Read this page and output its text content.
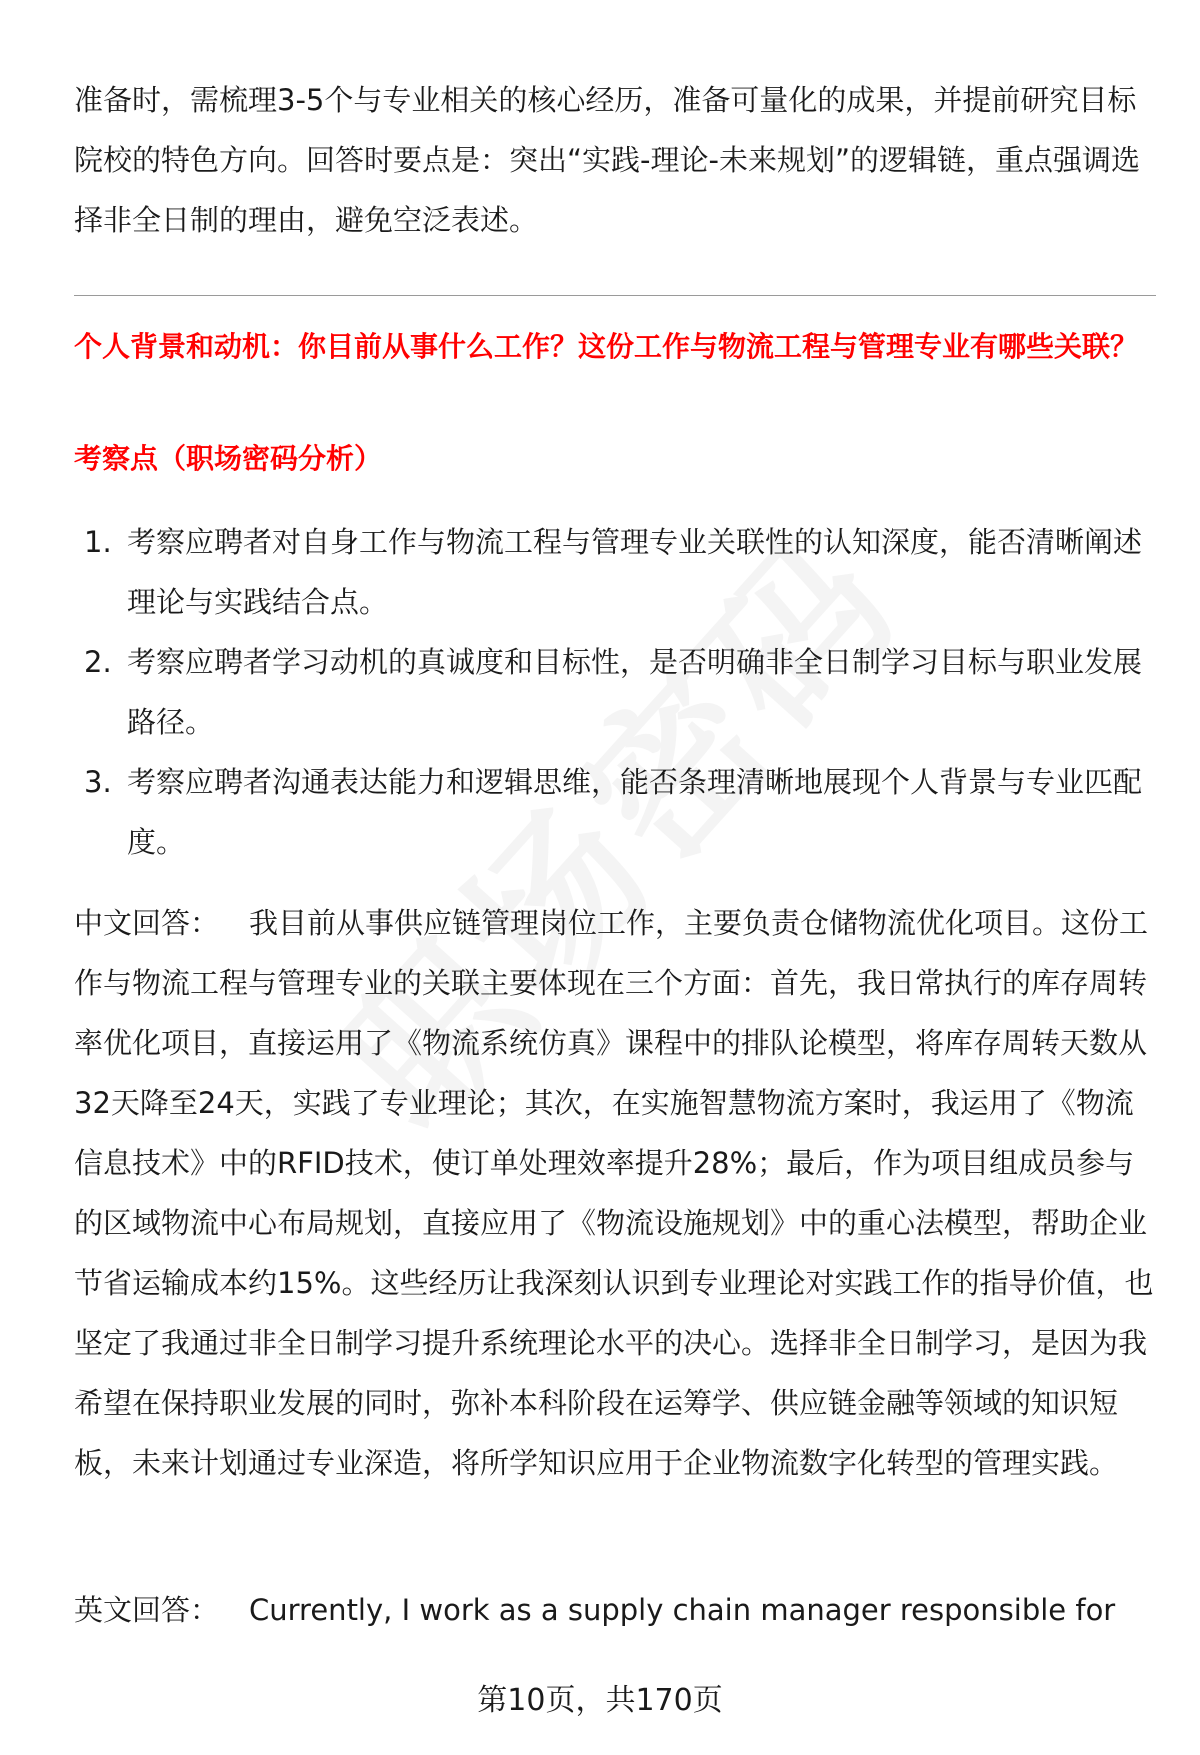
准备时，需梳理3-5个与专业相关的核心经历，准备可量化的成果，并提前研究目标院校的特色方向。回答时要点是：突出“实践-理论-未来规划”的逻辑链，重点强调选择非全日制的理由，避免空泛表述。

个人背景和动机：你目前从事什么工作？这份工作与物流工程与管理专业有哪些关联？

考察点（职场密码分析）

1. 考察应聘者对自身工作与物流工程与管理专业关联性的认知深度，能否清晰阐述理论与实践结合点。
2. 考察应聘者学习动机的真诚度和目标性，是否明确非全日制学习目标与职业发展路径。
3. 考察应聘者沟通表达能力和逻辑思维，能否条理清晰地展现个人背景与专业匹配度。

中文回答： 我目前从事供应链管理岗位工作，主要负责仓储物流优化项目。这份工作与物流工程与管理专业的关联主要体现在三个方面：首先，我日常执行的库存周转率优化项目，直接运用了《物流系统仿真》课程中的排队论模型，将库存周转天数从32天降至24天，实践了专业理论；其次，在实施智慧物流方案时，我运用了《物流信息技术》中的RFID技术，使订单处理效率提升28%；最后，作为项目组成员参与的区域物流中心布局规划，直接应用了《物流设施规划》中的重心法模型，帮助企业节省运输成本约15%。这些经历让我深刻认识到专业理论对实践工作的指导价值，也坚定了我通过非全日制学习提升系统理论水平的决心。选择非全日制学习，是因为我希望在保持职业发展的同时，弥补本科阶段在运筹学、供应链金融等领域的知识短板，未来计划通过专业深造，将所学知识应用于企业物流数字化转型的管理实践。

英文回答： Currently, I work as a supply chain manager responsible for

第10页，共170页
